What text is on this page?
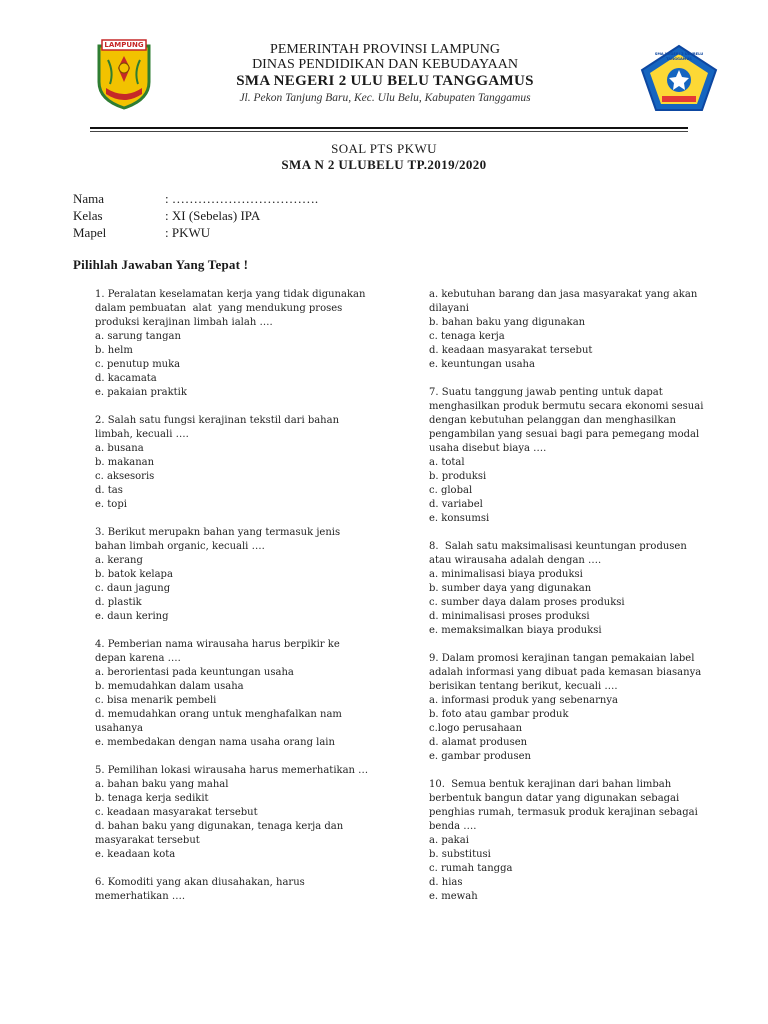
LAMPUNG
SMA NEGERI 2 ULUBELU TANGGAMUS
PEMERINTAH PROVINSI LAMPUNG
DINAS PENDIDIKAN DAN KEBUDAYAAN
SMA NEGERI 2 ULU BELU TANGGAMUS
Jl. Pekon Tanjung Baru, Kec. Ulu Belu, Kabupaten Tanggamus
SOAL PTS PKWU
SMA N 2 ULUBELU TP.2019/2020
Nama	: …………………………….
Kelas	: XI (Sebelas) IPA
Mapel	: PKWU
Pilihlah Jawaban Yang Tepat !
1. Peralatan keselamatan kerja yang tidak digunakan dalam pembuatan  alat  yang mendukung proses produksi kerajinan limbah ialah ….
a. sarung tangan
b. helm
c. penutup muka
d. kacamata
e. pakaian praktik
2. Salah satu fungsi kerajinan tekstil dari bahan limbah, kecuali ….
a. busana
b. makanan
c. aksesoris
d. tas
e. topi
3. Berikut merupakn bahan yang termasuk jenis bahan limbah organic, kecuali ….
a. kerang
b. batok kelapa
c. daun jagung
d. plastik
e. daun kering
4. Pemberian nama wirausaha harus berpikir ke depan karena ….
a. berorientasi pada keuntungan usaha
b. memudahkan dalam usaha
c. bisa menarik pembeli
d. memudahkan orang untuk menghafalkan nam usahanya
e. membedakan dengan nama usaha orang lain
5. Pemilihan lokasi wirausaha harus memerhatikan …
a. bahan baku yang mahal
b. tenaga kerja sedikit
c. keadaan masyarakat tersebut
d. bahan baku yang digunakan, tenaga kerja dan masyarakat tersebut
e. keadaan kota
6. Komoditi yang akan diusahakan, harus memerhatikan ….
a. kebutuhan barang dan jasa masyarakat yang akan dilayani
b. bahan baku yang digunakan
c. tenaga kerja
d. keadaan masyarakat tersebut
e. keuntungan usaha
7. Suatu tanggung jawab penting untuk dapat menghasilkan produk bermutu secara ekonomi sesuai dengan kebutuhan pelanggan dan menghasilkan pengambilan yang sesuai bagi para pemegang modal usaha disebut biaya ….
a. total
b. produksi
c. global
d. variabel
e. konsumsi
8.  Salah satu maksimalisasi keuntungan produsen atau wirausaha adalah dengan ….
a. minimalisasi biaya produksi
b. sumber daya yang digunakan
c. sumber daya dalam proses produksi
d. minimalisasi proses produksi
e. memaksimalkan biaya produksi
9. Dalam promosi kerajinan tangan pemakaian label adalah informasi yang dibuat pada kemasan biasanya berisikan tentang berikut, kecuali ….
a. informasi produk yang sebenarnya
b. foto atau gambar produk
c.logo perusahaan
d. alamat produsen
e. gambar produsen
10.  Semua bentuk kerajinan dari bahan limbah berbentuk bangun datar yang digunakan sebagai penghias rumah, termasuk produk kerajinan sebagai benda ….
a. pakai
b. substitusi
c. rumah tangga
d. hias
e. mewah
